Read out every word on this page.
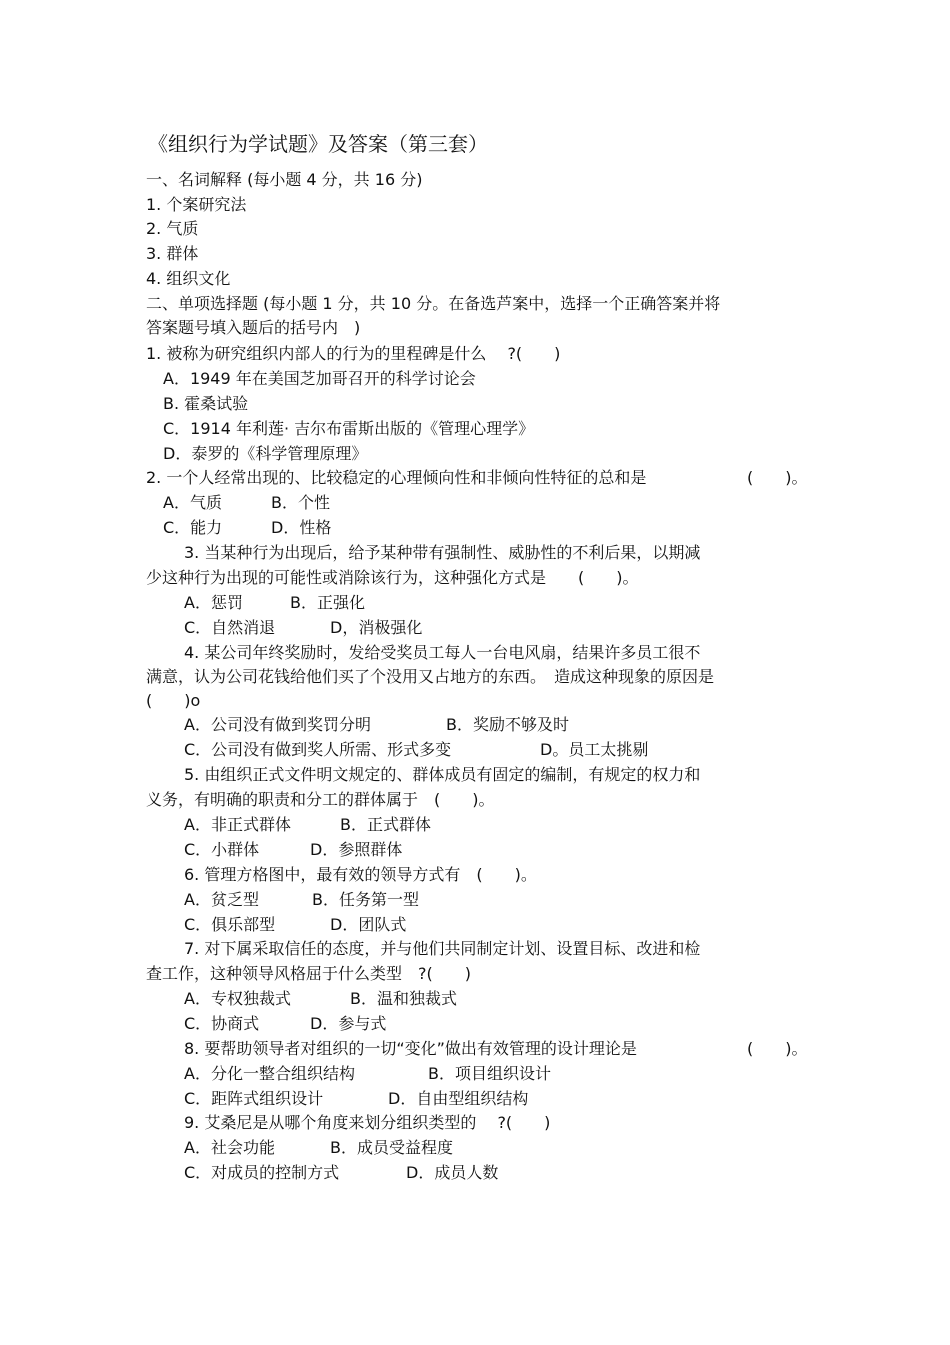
《组织行为学试题》及答案（第三套）
一、名词解释 (每小题 4 分，共 16 分)
1. 个案研究法
2. 气质
3. 群体
4. 组织文化
二、单项选择题 (每小题 1 分，共 10 分。在备选芦案中，选择一个正确答案并将
答案题号填入题后的括号内　)
1. 被称为研究组织内部人的行为的里程碑是什么　 ?(　　)
A．1949 年在美国芝加哥召开的科学讨论会
B. 霍桑试验
C．1914 年利莲· 吉尔布雷斯出版的《管理心理学》
D．泰罗的《科学管理原理》
2. 一个人经常出现的、比较稳定的心理倾向性和非倾向性特征的总和是	(　　)。
A．气质	B．个性
C．能力	D．性格
3. 当某种行为出现后，给予某种带有强制性、威胁性的不利后果，以期减
少这种行为出现的可能性或消除该行为，这种强化方式是　　(　　)。
A．惩罚	B．正强化
C．自然消退	D，消极强化
4. 某公司年终奖励时，发给受奖员工每人一台电风扇，结果许多员工很不
满意，认为公司花钱给他们买了个没用又占地方的东西。　造成这种现象的原因是
(　　)o
A．公司没有做到奖罚分明	B．奖励不够及时
C．公司没有做到奖人所需、形式多变	D。员工太挑剔
5. 由组织正式文件明文规定的、群体成员有固定的编制，有规定的权力和
义务，有明确的职责和分工的群体属于　(　　)。
A．非正式群体	B．正式群体
C．小群体	D．参照群体
6. 管理方格图中，最有效的领导方式有　(　　)。
A．贫乏型	B．任务第一型
C．俱乐部型	D．团队式
7. 对下属采取信任的态度，并与他们共同制定计划、设置目标、改进和检
查工作，这种领导风格屈于什么类型　?(　　)
A．专权独裁式	B．温和独裁式
C．协商式	D．参与式
8. 要帮助领导者对组织的一切“变化”做出有效管理的设计理论是	(　　)。
A．分化一整合组织结构	B．项目组织设计
C．距阵式组织设计	D．自由型组织结构
9. 艾桑尼是从哪个角度来划分组织类型的　 ?(　　)
A．社会功能	B．成员受益程度
C．对成员的控制方式	D．成员人数
